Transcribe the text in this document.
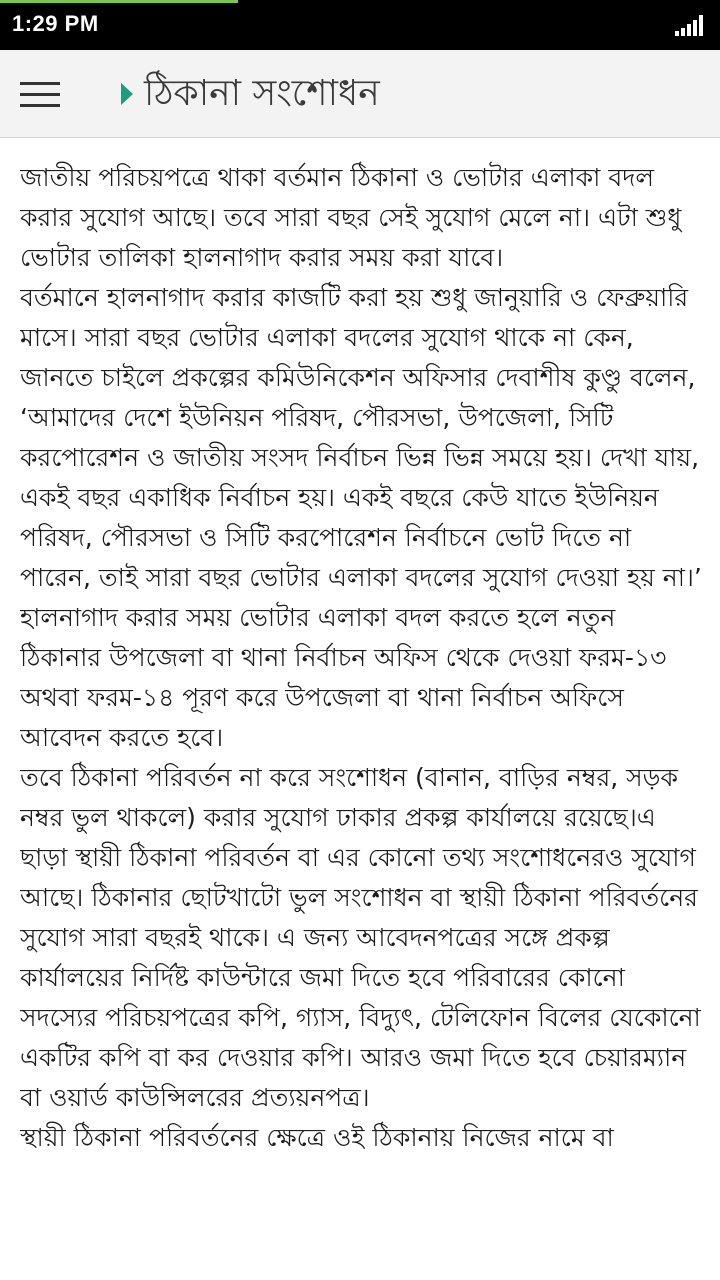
1:29 PM
ঠিকানা সংশোধন

জাতীয় পরিচয়পত্রে থাকা বর্তমান ঠিকানা ও ভোটার এলাকা বদল করার সুযোগ আছে। তবে সারা বছর সেই সুযোগ মেলে না। এটা শুধু ভোটার তালিকা হালনাগাদ করার সময় করা যাবে।

বর্তমানে হালনাগাদ করার কাজটি করা হয় শুধু জানুয়ারি ও ফেব্রুয়ারি মাসে। সারা বছর ভোটার এলাকা বদলের সুযোগ থাকে না কেন, জানতে চাইলে প্রকল্পের কমিউনিকেশন অফিসার দেবাশীষ কুণ্ডু বলেন, ‘আমাদের দেশে ইউনিয়ন পরিষদ, পৌরসভা, উপজেলা, সিটি করপোরেশন ও জাতীয় সংসদ নির্বাচন ভিন্ন ভিন্ন সময়ে হয়। দেখা যায়, একই বছর একাধিক নির্বাচন হয়। একই বছরে কেউ যাতে ইউনিয়ন পরিষদ, পৌরসভা ও সিটি করপোরেশন নির্বাচনে ভোট দিতে না পারেন, তাই সারা বছর ভোটার এলাকা বদলের সুযোগ দেওয়া হয় না।’ হালনাগাদ করার সময় ভোটার এলাকা বদল করতে হলে নতুন ঠিকানার উপজেলা বা থানা নির্বাচন অফিস থেকে দেওয়া ফরম-১৩ অথবা ফরম-১৪ পূরণ করে উপজেলা বা থানা নির্বাচন অফিসে আবেদন করতে হবে।

তবে ঠিকানা পরিবর্তন না করে সংশোধন (বানান, বাড়ির নম্বর, সড়ক নম্বর ভুল থাকলে) করার সুযোগ ঢাকার প্রকল্প কার্যালয়ে রয়েছে।এ ছাড়া স্থায়ী ঠিকানা পরিবর্তন বা এর কোনো তথ্য সংশোধনেরও সুযোগ আছে। ঠিকানার ছোটখাটো ভুল সংশোধন বা স্থায়ী ঠিকানা পরিবর্তনের সুযোগ সারা বছরই থাকে। এ জন্য আবেদনপত্রের সঙ্গে প্রকল্প কার্যালয়ের নির্দিষ্ট কাউন্টারে জমা দিতে হবে পরিবারের কোনো সদস্যের পরিচয়পত্রের কপি, গ্যাস, বিদ্যুৎ, টেলিফোন বিলের যেকোনো একটির কপি বা কর দেওয়ার কপি। আরও জমা দিতে হবে চেয়ারম্যান বা ওয়ার্ড কাউন্সিলরের প্রত্যয়নপত্র।

স্থায়ী ঠিকানা পরিবর্তনের ক্ষেত্রে ওই ঠিকানায় নিজের নামে বা
